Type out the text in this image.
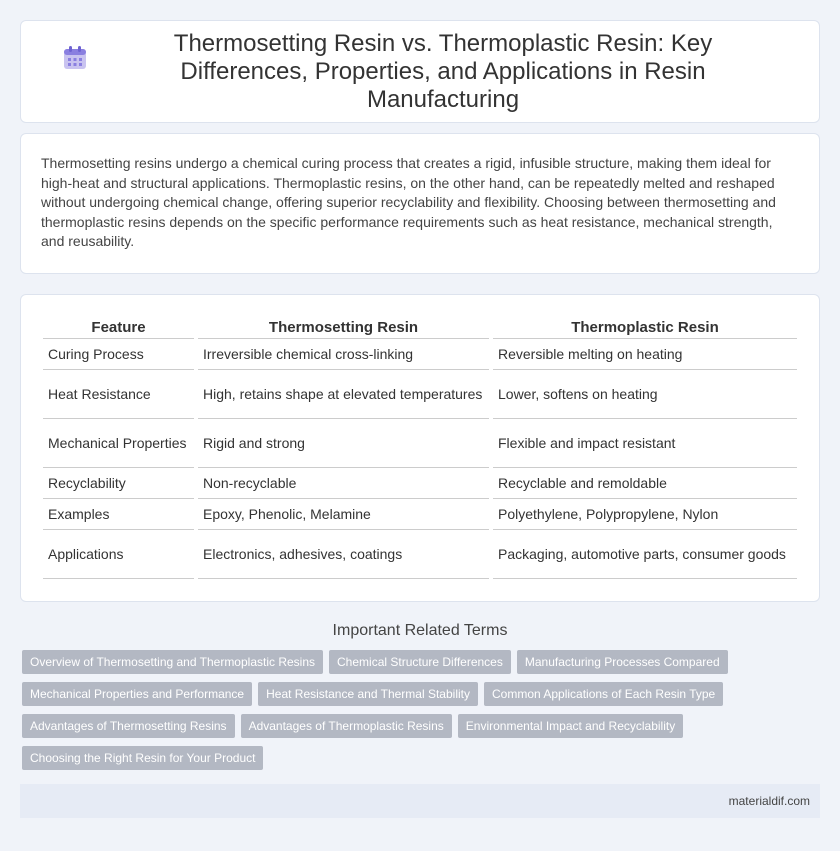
Thermosetting Resin vs. Thermoplastic Resin: Key Differences, Properties, and Applications in Resin Manufacturing

Thermosetting resins undergo a chemical curing process that creates a rigid, infusible structure, making them ideal for high-heat and structural applications. Thermoplastic resins, on the other hand, can be repeatedly melted and reshaped without undergoing chemical change, offering superior recyclability and flexibility. Choosing between thermosetting and thermoplastic resins depends on the specific performance requirements such as heat resistance, mechanical strength, and reusability.

Feature	Thermosetting Resin	Thermoplastic Resin
Curing Process	Irreversible chemical cross-linking	Reversible melting on heating
Heat Resistance	High, retains shape at elevated temperatures	Lower, softens on heating
Mechanical Properties	Rigid and strong	Flexible and impact resistant
Recyclability	Non-recyclable	Recyclable and remoldable
Examples	Epoxy, Phenolic, Melamine	Polyethylene, Polypropylene, Nylon
Applications	Electronics, adhesives, coatings	Packaging, automotive parts, consumer goods
Important Related Terms
Overview of Thermosetting and Thermoplastic Resins	Chemical Structure Differences	Manufacturing Processes Compared
Mechanical Properties and Performance	Heat Resistance and Thermal Stability	Common Applications of Each Resin Type
Advantages of Thermosetting Resins	Advantages of Thermoplastic Resins	Environmental Impact and Recyclability
Choosing the Right Resin for Your Product
materialdif.com
